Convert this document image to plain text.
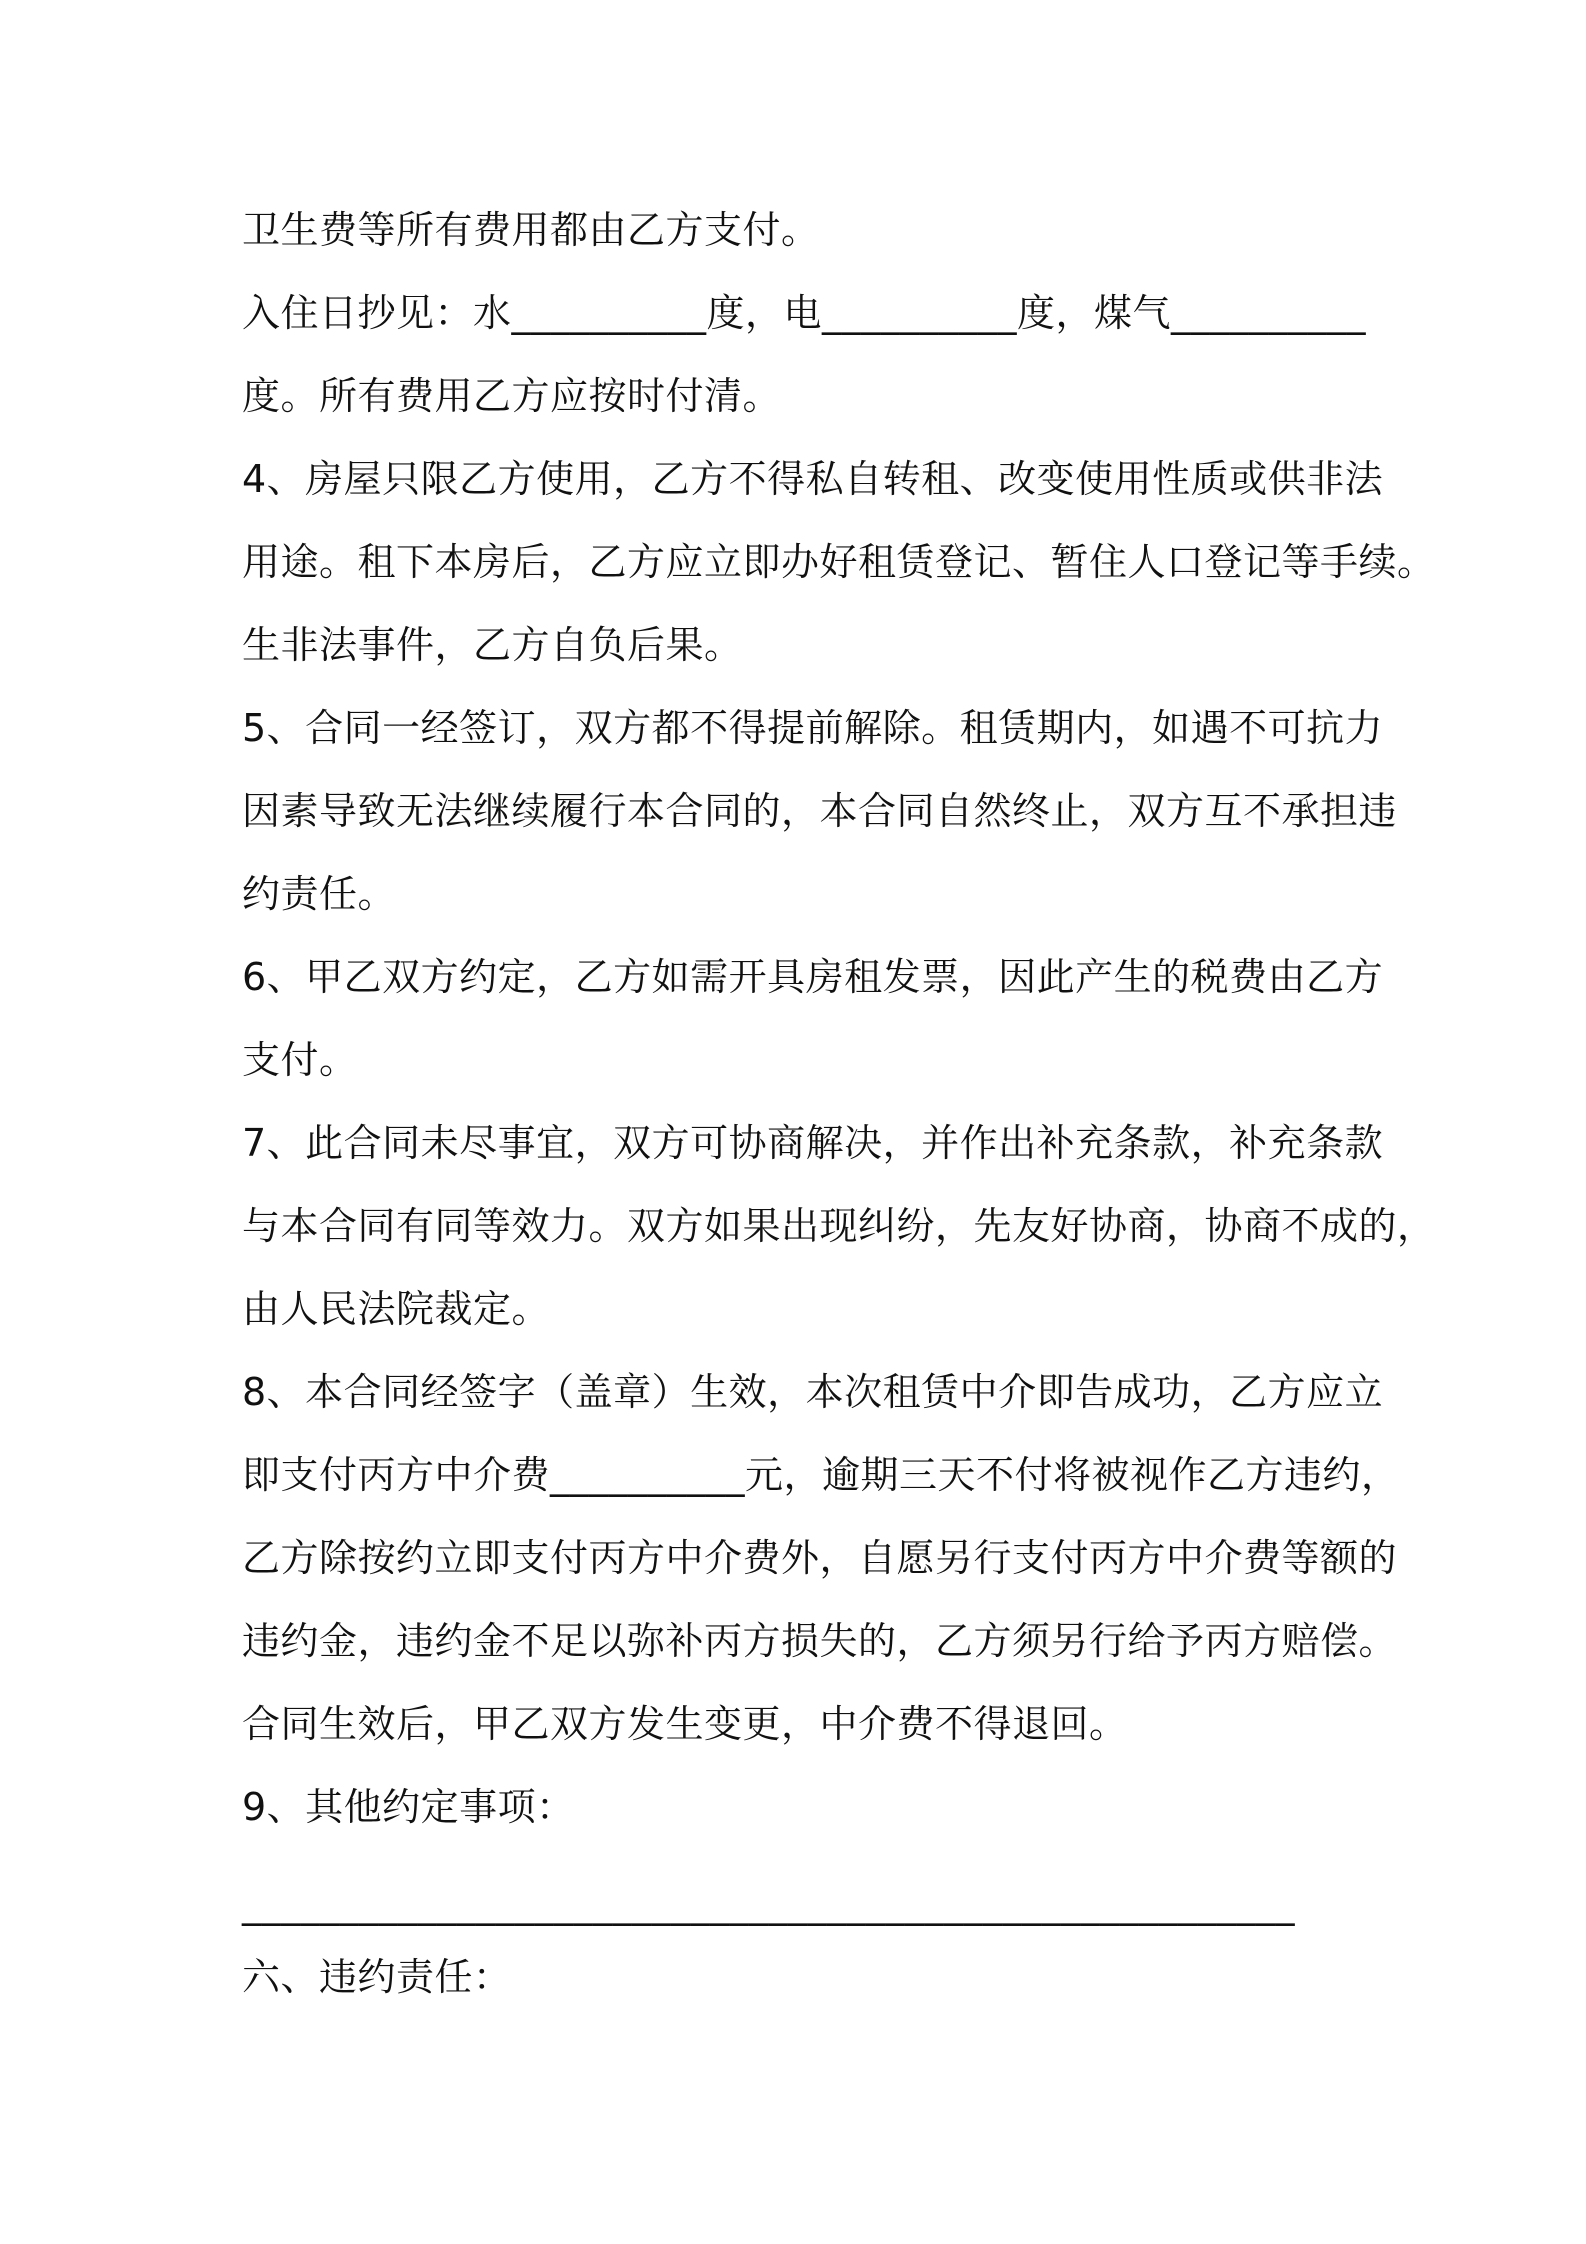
卫生费等所有费用都由乙方支付。
入住日抄见：水__________度，电__________度，煤气__________
度。所有费用乙方应按时付清。
4、房屋只限乙方使用，乙方不得私自转租、改变使用性质或供非法
用途。租下本房后，乙方应立即办好租赁登记、暂住人口登记等手续。
生非法事件，乙方自负后果。
5、合同一经签订，双方都不得提前解除。租赁期内，如遇不可抗力
因素导致无法继续履行本合同的，本合同自然终止，双方互不承担违
约责任。
6、甲乙双方约定，乙方如需开具房租发票，因此产生的税费由乙方
支付。
7、此合同未尽事宜，双方可协商解决，并作出补充条款，补充条款
与本合同有同等效力。双方如果出现纠纷，先友好协商，协商不成的，
由人民法院裁定。
8、本合同经签字（盖章）生效，本次租赁中介即告成功，乙方应立
即支付丙方中介费__________元，逾期三天不付将被视作乙方违约，
乙方除按约立即支付丙方中介费外，自愿另行支付丙方中介费等额的
违约金，违约金不足以弥补丙方损失的，乙方须另行给予丙方赔偿。
合同生效后，甲乙双方发生变更，中介费不得退回。
9、其他约定事项：
______________________________________________________
六、违约责任：
